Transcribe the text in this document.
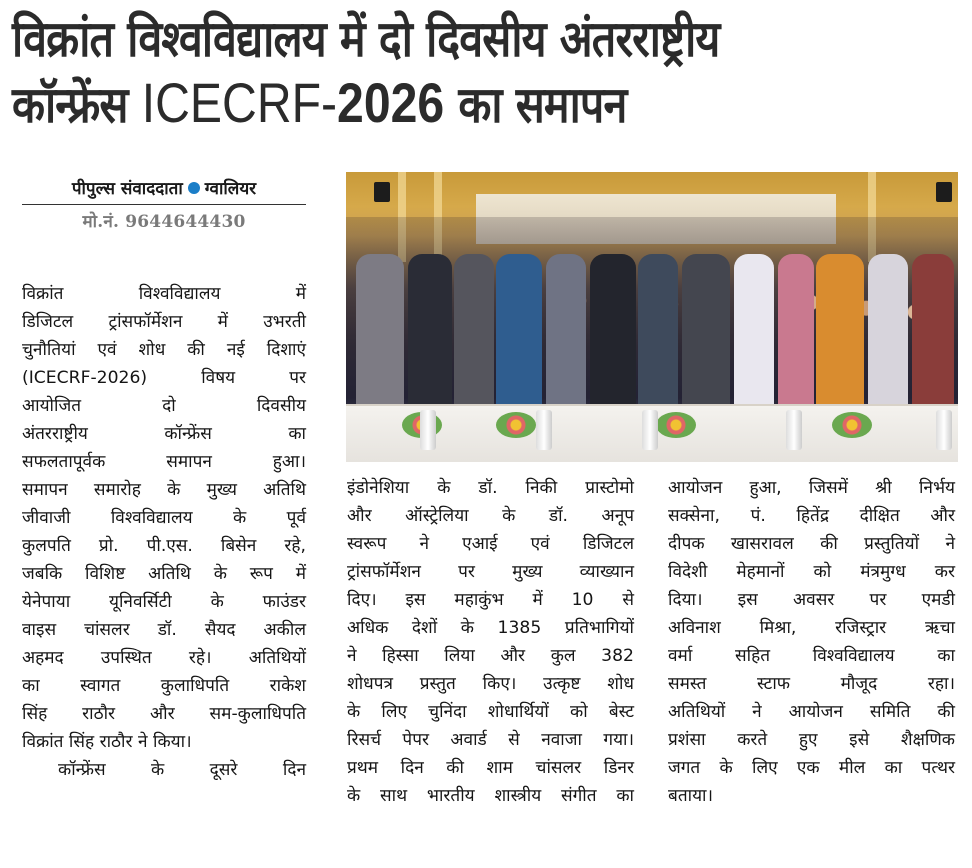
विक्रांत विश्वविद्यालय में दो दिवसीय अंतरराष्ट्रीय
कॉन्फ्रेंस ICECRF-2026 का समापन
पीपुल्स संवाददाता ग्वालियर
मो.नं. 9644644430
विक्रांत विश्वविद्यालय में
डिजिटल ट्रांसफॉर्मेशन में उभरती
चुनौतियां एवं शोध की नई दिशाएं
(ICECRF-2026) विषय पर
आयोजित दो दिवसीय
अंतरराष्ट्रीय कॉन्फ्रेंस का
सफलतापूर्वक समापन हुआ।
समापन समारोह के मुख्य अतिथि
जीवाजी विश्वविद्यालय के पूर्व
कुलपति प्रो. पी.एस. बिसेन रहे,
जबकि विशिष्ट अतिथि के रूप में
येनेपाया यूनिवर्सिटी के फाउंडर
वाइस चांसलर डॉ. सैयद अकील
अहमद उपस्थित रहे। अतिथियों
का स्वागत कुलाधिपति राकेश
सिंह राठौर और सम-कुलाधिपति
विक्रांत सिंह राठौर ने किया।
कॉन्फ्रेंस के दूसरे दिन
इंडोनेशिया के डॉ. निकी प्रास्टोमो
और ऑस्ट्रेलिया के डॉ. अनूप
स्वरूप ने एआई एवं डिजिटल
ट्रांसफॉर्मेशन पर मुख्य व्याख्यान
दिए। इस महाकुंभ में 10 से
अधिक देशों के 1385 प्रतिभागियों
ने हिस्सा लिया और कुल 382
शोधपत्र प्रस्तुत किए। उत्कृष्ट शोध
के लिए चुनिंदा शोधार्थियों को बेस्ट
रिसर्च पेपर अवार्ड से नवाजा गया।
प्रथम दिन की शाम चांसलर डिनर
के साथ भारतीय शास्त्रीय संगीत का
आयोजन हुआ, जिसमें श्री निर्भय
सक्सेना, पं. हितेंद्र दीक्षित और
दीपक खासरावल की प्रस्तुतियों ने
विदेशी मेहमानों को मंत्रमुग्ध कर
दिया। इस अवसर पर एमडी
अविनाश मिश्रा, रजिस्ट्रार ऋचा
वर्मा सहित विश्वविद्यालय का
समस्त स्टाफ मौजूद रहा।
अतिथियों ने आयोजन समिति की
प्रशंसा करते हुए इसे शैक्षणिक
जगत के लिए एक मील का पत्थर
बताया।
